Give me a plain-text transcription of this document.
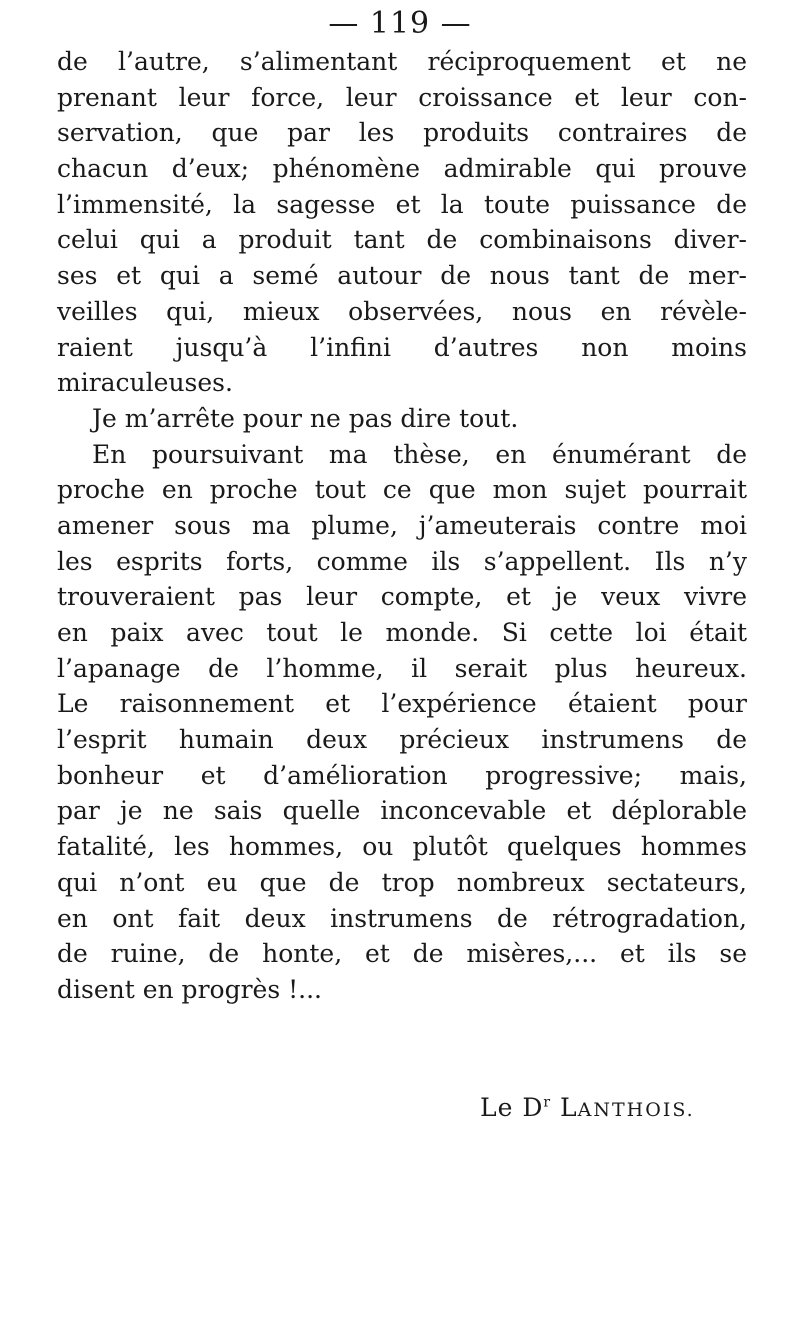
— 119 —
de l’autre, s’alimentant réciproquement et ne
prenant leur force, leur croissance et leur con-
servation, que par les produits contraires de
chacun d’eux; phénomène admirable qui prouve
l’immensité, la sagesse et la toute puissance de
celui qui a produit tant de combinaisons diver-
ses et qui a semé autour de nous tant de mer-
veilles qui, mieux observées, nous en révèle-
raient jusqu’à l’infini d’autres non moins
miraculeuses.
Je m’arrête pour ne pas dire tout.
En poursuivant ma thèse, en énumérant de
proche en proche tout ce que mon sujet pourrait
amener sous ma plume, j’ameuterais contre moi
les esprits forts, comme ils s’appellent. Ils n’y
trouveraient pas leur compte, et je veux vivre
en paix avec tout le monde. Si cette loi était
l’apanage de l’homme, il serait plus heureux.
Le raisonnement et l’expérience étaient pour
l’esprit humain deux précieux instrumens de
bonheur et d’amélioration progressive; mais,
par je ne sais quelle inconcevable et déplorable
fatalité, les hommes, ou plutôt quelques hommes
qui n’ont eu que de trop nombreux sectateurs,
en ont fait deux instrumens de rétrogradation,
de ruine, de honte, et de misères,... et ils se
disent en progrès !...
Le $D^r$ LANTHOIS.
